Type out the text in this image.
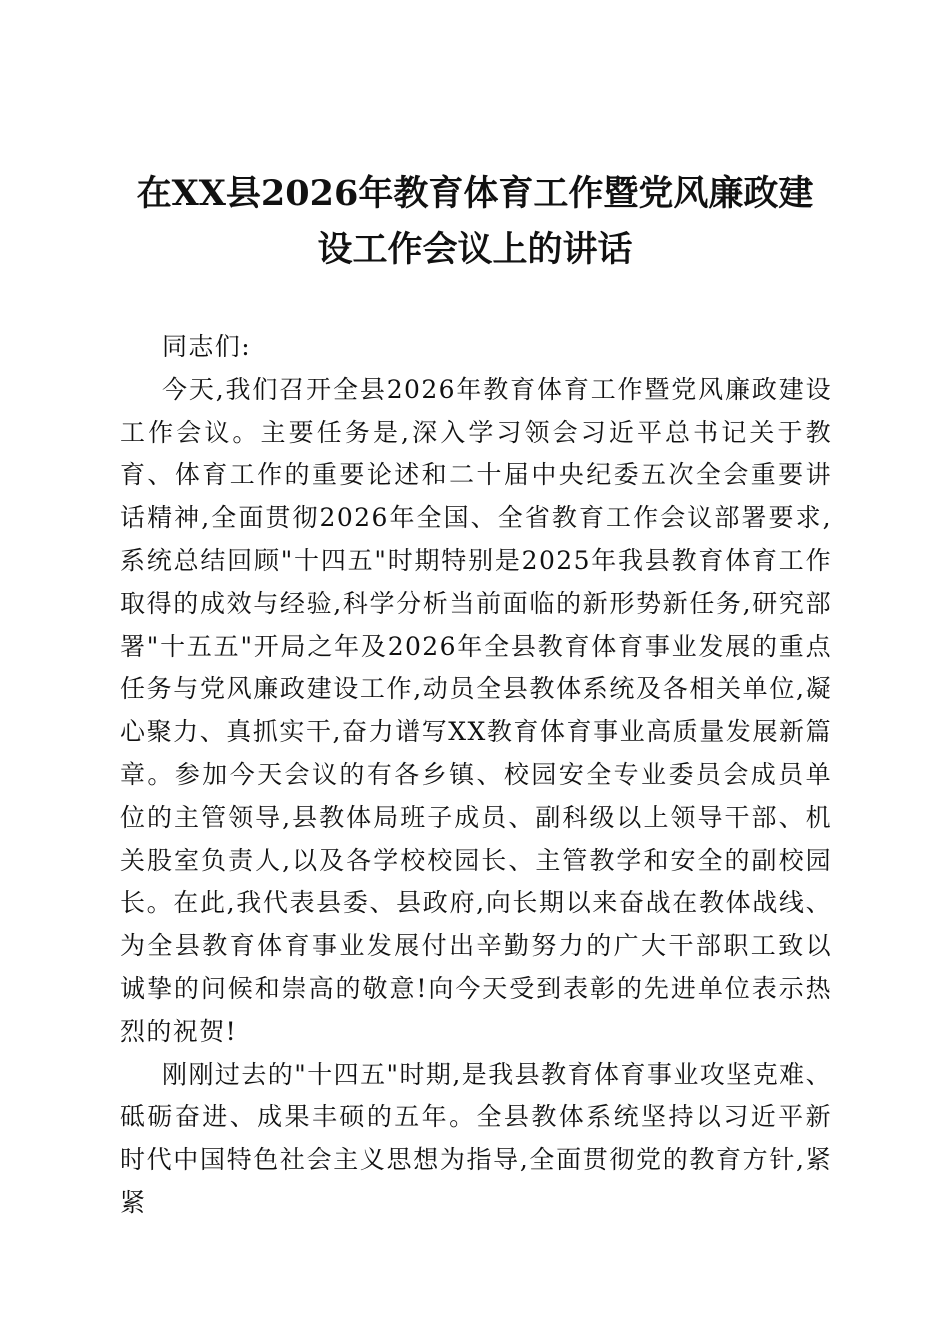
在XX县2026年教育体育工作暨党风廉政建
设工作会议上的讲话

同志们:

今天,我们召开全县2026年教育体育工作暨党风廉政建设工作会议。主要任务是,深入学习领会习近平总书记关于教育、体育工作的重要论述和二十届中央纪委五次全会重要讲话精神,全面贯彻2026年全国、全省教育工作会议部署要求,系统总结回顾"十四五"时期特别是2025年我县教育体育工作取得的成效与经验,科学分析当前面临的新形势新任务,研究部署"十五五"开局之年及2026年全县教育体育事业发展的重点任务与党风廉政建设工作,动员全县教体系统及各相关单位,凝心聚力、真抓实干,奋力谱写XX教育体育事业高质量发展新篇章。参加今天会议的有各乡镇、校园安全专业委员会成员单位的主管领导,县教体局班子成员、副科级以上领导干部、机关股室负责人,以及各学校校园长、主管教学和安全的副校园长。在此,我代表县委、县政府,向长期以来奋战在教体战线、为全县教育体育事业发展付出辛勤努力的广大干部职工致以诚挚的问候和崇高的敬意!向今天受到表彰的先进单位表示热烈的祝贺!

刚刚过去的"十四五"时期,是我县教育体育事业攻坚克难、砥砺奋进、成果丰硕的五年。全县教体系统坚持以习近平新时代中国特色社会主义思想为指导,全面贯彻党的教育方针,紧紧
